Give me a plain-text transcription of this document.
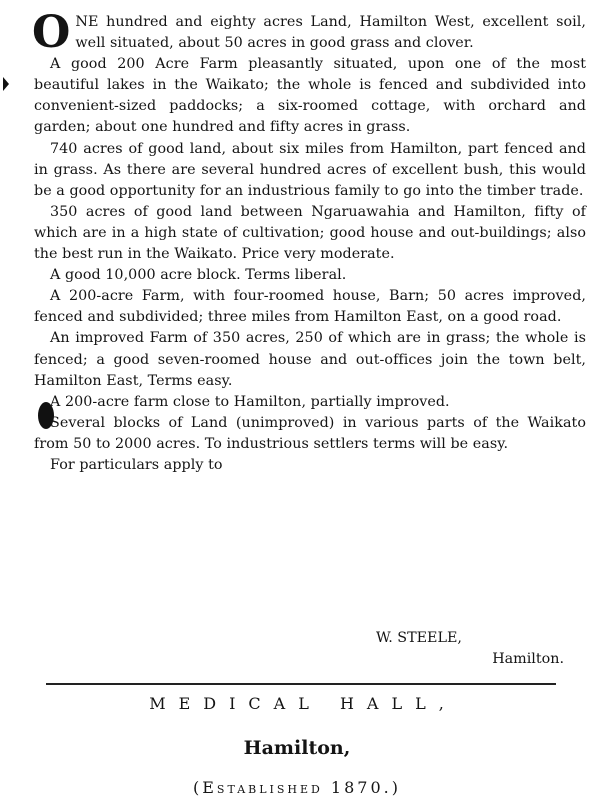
ONE hundred and eighty acres Land, Hamilton West, excellent soil, well situated, about 50 acres in good grass and clover.

A good 200 Acre Farm pleasantly situated, upon one of the most beautiful lakes in the Waikato; the whole is fenced and subdivided into convenient-sized paddocks; a six-roomed cottage, with orchard and garden; about one hundred and fifty acres in grass.

740 acres of good land, about six miles from Hamilton, part fenced and in grass. As there are several hundred acres of excellent bush, this would be a good opportunity for an industrious family to go into the timber trade.

350 acres of good land between Ngaruawahia and Hamilton, fifty of which are in a high state of cultivation; good house and out-buildings; also the best run in the Waikato. Price very moderate.

A good 10,000 acre block. Terms liberal.

A 200-acre Farm, with four-roomed house, Barn; 50 acres improved, fenced and subdivided; three miles from Hamilton East, on a good road.

An improved Farm of 350 acres, 250 of which are in grass; the whole is fenced; a good seven-roomed house and out-offices join the town belt, Hamilton East, Terms easy.

A 200-acre farm close to Hamilton, partially improved.

Several blocks of Land (unimproved) in various parts of the Waikato from 50 to 2000 acres. To industrious settlers terms will be easy.

For particulars apply to

W. STEELE,
Hamilton.
MEDICAL HALL,
Hamilton,
(Established 1870.)
